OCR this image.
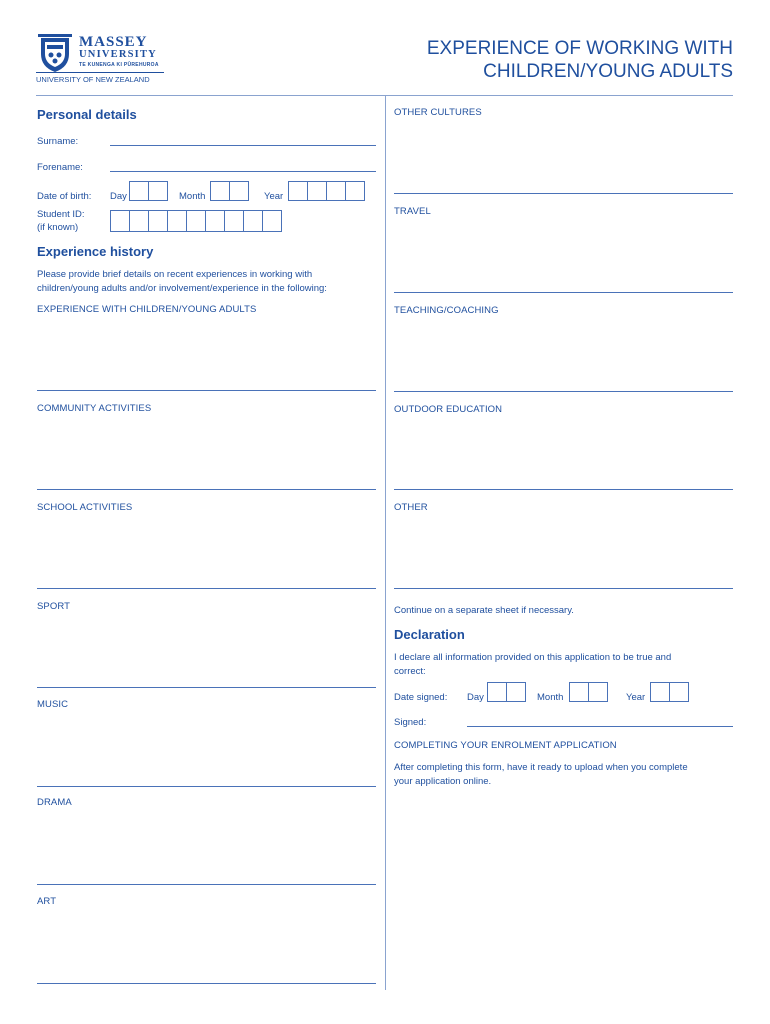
MASSEY
UNIVERSITY
TE KUNENGA KI PŪREHUROA
UNIVERSITY OF NEW ZEALAND
EXPERIENCE OF WORKING WITH
CHILDREN/YOUNG ADULTS
Personal details
Surname:
Forename:
Date of birth: Day	Month	Year
Student ID:
(if known)
Experience history
Please provide brief details on recent experiences in working with
children/young adults and/or involvement/experience in the following:
EXPERIENCE WITH CHILDREN/YOUNG ADULTS
COMMUNITY ACTIVITIES
SCHOOL ACTIVITIES
SPORT
MUSIC
DRAMA
ART
OTHER CULTURES
TRAVEL
TEACHING/COACHING
OUTDOOR EDUCATION
OTHER
Continue on a separate sheet if necessary.
Declaration
I declare all information provided on this application to be true and
correct:
Date signed: Day	Month	Year
Signed:
COMPLETING YOUR ENROLMENT APPLICATION
After completing this form, have it ready to upload when you complete
your application online.
